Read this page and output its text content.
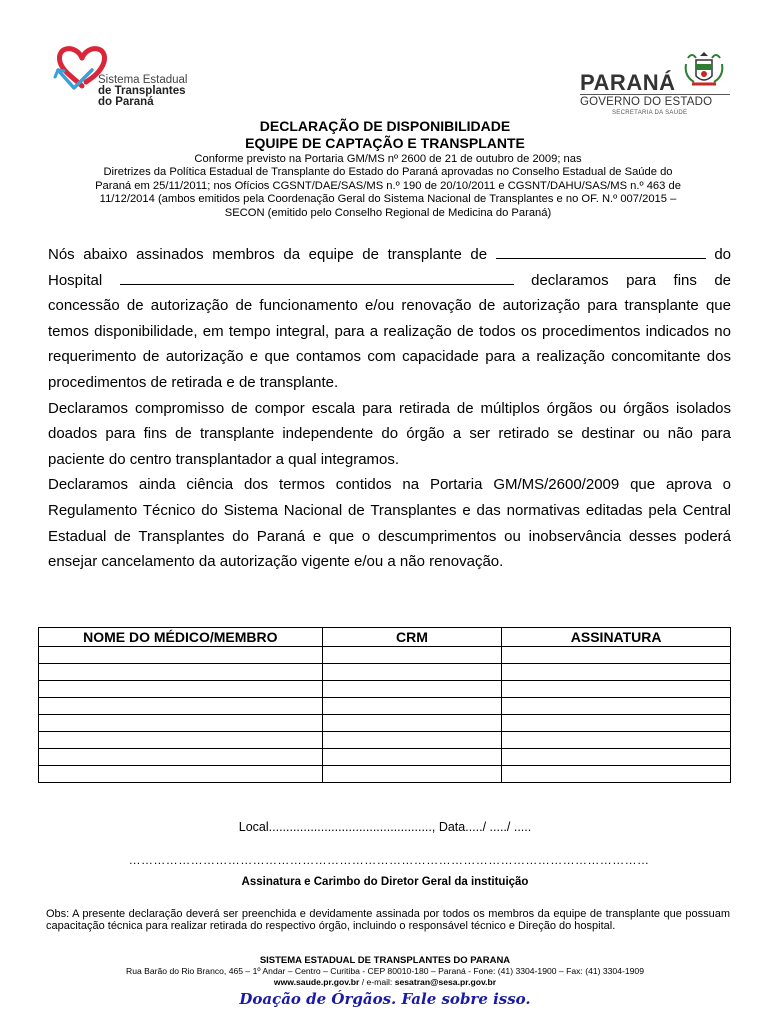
Sistema Estadual
de Transplantes
do Paraná
PARANÁ
GOVERNO DO ESTADO
SECRETARIA DA SAÚDE
DECLARAÇÃO DE DISPONIBILIDADE
EQUIPE DE CAPTAÇÃO E TRANSPLANTE
Conforme previsto na Portaria GM/MS nº 2600 de 21 de outubro de 2009; nas
Diretrizes da Política Estadual de Transplante do Estado do Paraná aprovadas no Conselho Estadual de Saúde do
Paraná em 25/11/2011; nos Ofícios CGSNT/DAE/SAS/MS n.º 190 de 20/10/2011 e CGSNT/DAHU/SAS/MS n.º 463 de
11/12/2014 (ambos emitidos pela Coordenação Geral do Sistema Nacional de Transplantes e no OF. N.º 007/2015 –
SECON (emitido pelo Conselho Regional de Medicina do Paraná)

Nós abaixo assinados membros da equipe de transplante de	do Hospital	declaramos para fins de concessão de autorização de funcionamento e/ou renovação de autorização para transplante que temos disponibilidade, em tempo integral, para a realização de todos os procedimentos indicados no requerimento de autorização e que contamos com capacidade para a realização concomitante dos procedimentos de retirada e de transplante.

Declaramos compromisso de compor escala para retirada de múltiplos órgãos ou órgãos isolados doados para fins de transplante independente do órgão a ser retirado se destinar ou não para paciente do centro transplantador a qual integramos.

Declaramos ainda ciência dos termos contidos na Portaria GM/MS/2600/2009 que aprova o Regulamento Técnico do Sistema Nacional de Transplantes e das normativas editadas pela Central Estadual de Transplantes do Paraná e que o descumprimentos ou inobservância desses poderá ensejar cancelamento da autorização vigente e/ou a não renovação.

NOME DO MÉDICO/MEMBRO	CRM	ASSINATURA

Local..............................................., Data...../ ...../ .....
………………………………………………………………………………………………………………
Assinatura e Carimbo do Diretor Geral da instituição
Obs: A presente declaração deverá ser preenchida e devidamente assinada por todos os membros da equipe de transplante que possuam capacitação técnica para realizar retirada do respectivo órgão, incluindo o responsável técnico e Direção do hospital.
SISTEMA ESTADUAL DE TRANSPLANTES DO PARANA
Rua Barão do Rio Branco, 465 – 1º Andar – Centro – Curitiba - CEP 80010-180 – Paraná - Fone: (41) 3304-1900 – Fax: (41) 3304-1909
www.saude.pr.gov.br / e-mail: sesatran@sesa.pr.gov.br
Doação de Órgãos. Fale sobre isso.
